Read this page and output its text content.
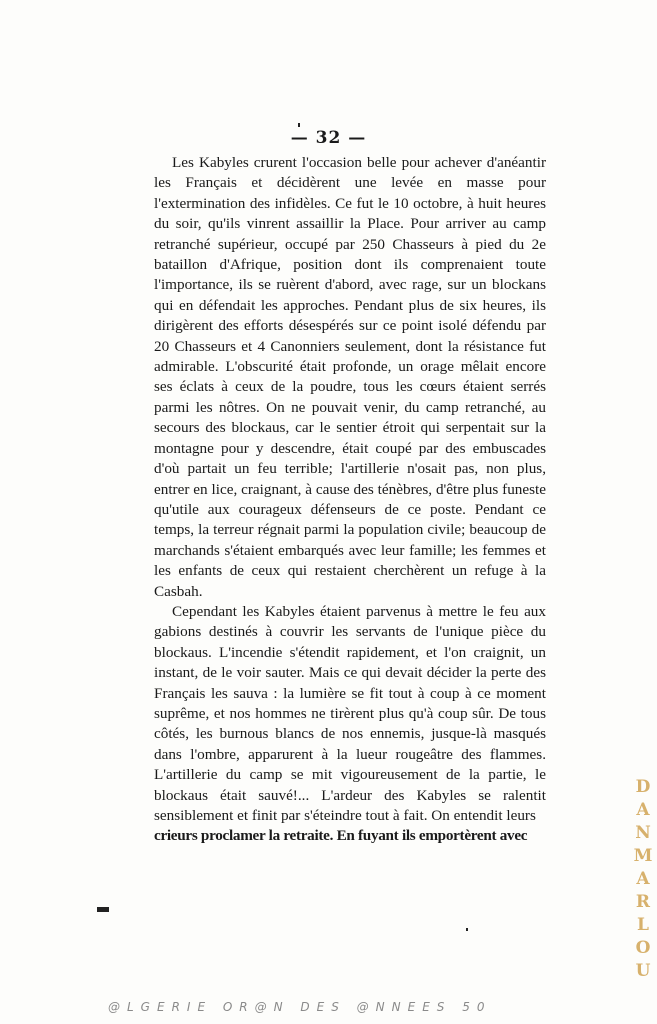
— 32 —

Les Kabyles crurent l'occasion belle pour achever d'anéantir les Français et décidèrent une levée en masse pour l'extermination des infidèles. Ce fut le 10 octobre, à huit heures du soir, qu'ils vinrent assaillir la Place. Pour arriver au camp retranché supérieur, occupé par 250 Chasseurs à pied du 2e bataillon d'Afrique, position dont ils comprenaient toute l'importance, ils se ruèrent d'abord, avec rage, sur un blockans qui en défendait les approches. Pendant plus de six heures, ils dirigèrent des efforts désespérés sur ce point isolé défendu par 20 Chasseurs et 4 Canonniers seulement, dont la résistance fut admirable. L'obscurité était profonde, un orage mêlait encore ses éclats à ceux de la poudre, tous les cœurs étaient serrés parmi les nôtres. On ne pouvait venir, du camp retranché, au secours des blockaus, car le sentier étroit qui serpentait sur la montagne pour y descendre, était coupé par des embuscades d'où partait un feu terrible; l'artillerie n'osait pas, non plus, entrer en lice, craignant, à cause des ténèbres, d'être plus funeste qu'utile aux courageux défenseurs de ce poste. Pendant ce temps, la terreur régnait parmi la population civile; beaucoup de marchands s'étaient embarqués avec leur famille; les femmes et les enfants de ceux qui restaient cherchèrent un refuge à la Casbah.

Cependant les Kabyles étaient parvenus à mettre le feu aux gabions destinés à couvrir les servants de l'unique pièce du blockaus. L'incendie s'étendit rapidement, et l'on craignit, un instant, de le voir sauter. Mais ce qui devait décider la perte des Français les sauva : la lumière se fit tout à coup à ce moment suprême, et nos hommes ne tirèrent plus qu'à coup sûr. De tous côtés, les burnous blancs de nos ennemis, jusque-là masqués dans l'ombre, apparurent à la lueur rougeâtre des flammes. L'artillerie du camp se mit vigoureusement de la partie, le blockaus était sauvé!... L'ardeur des Kabyles se ralentit sensiblement et finit par s'éteindre tout à fait. On entendit leurs

crieurs proclamer la retraite. En fuyant ils emportèrent avec
D
A
N
M
A
R
L
O
U
@LGERIE OR@N DES @NNEES 50
